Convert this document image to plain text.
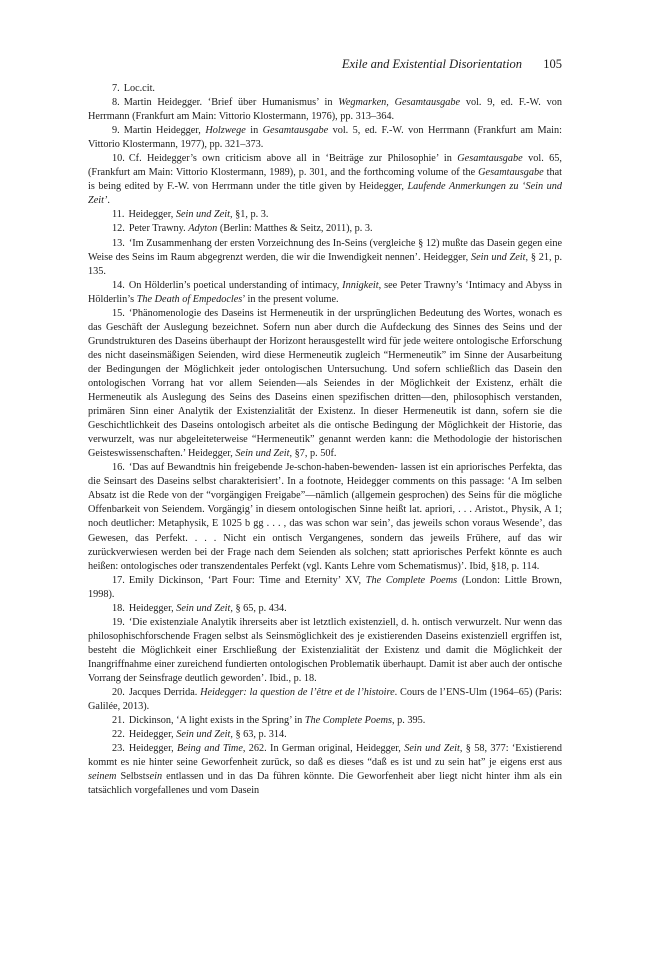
Exile and Existential Disorientation 105

7. Loc.cit.

8. Martin Heidegger. ‘Brief über Humanismus’ in Wegmarken, Gesamtausgabe vol. 9, ed. F.-W. von Herrmann (Frankfurt am Main: Vittorio Klostermann, 1976), pp. 313–364.

9. Martin Heidegger, Holzwege in Gesamtausgabe vol. 5, ed. F.-W. von Herrmann (Frankfurt am Main: Vittorio Klostermann, 1977), pp. 321–373.

10. Cf. Heidegger’s own criticism above all in ‘Beiträge zur Philosophie’ in Gesamtausgabe vol. 65, (Frankfurt am Main: Vittorio Klostermann, 1989), p. 301, and the forthcoming volume of the Gesamtausgabe that is being edited by F.-W. von Herrmann under the title given by Heidegger, Laufende Anmerkungen zu ‘Sein und Zeit’.

11. Heidegger, Sein und Zeit, §1, p. 3.

12. Peter Trawny. Adyton (Berlin: Matthes & Seitz, 2011), p. 3.

13. ‘Im Zusammenhang der ersten Vorzeichnung des In-Seins (vergleiche § 12) mußte das Dasein gegen eine Weise des Seins im Raum abgegrenzt werden, die wir die Inwendigkeit nennen’. Heidegger, Sein und Zeit, § 21, p. 135.

14. On Hölderlin’s poetical understanding of intimacy, Innigkeit, see Peter Trawny’s ‘Intimacy and Abyss in Hölderlin’s The Death of Empedocles’ in the present volume.

15. ‘Phänomenologie des Daseins ist Hermeneutik in der ursprünglichen Bedeutung des Wortes, wonach es das Geschäft der Auslegung bezeichnet. Sofern nun aber durch die Aufdeckung des Sinnes des Seins und der Grundstrukturen des Daseins überhaupt der Horizont herausgestellt wird für jede weitere ontologische Erforschung des nicht daseinsmäßigen Seienden, wird diese Hermeneutik zugleich “Hermeneutik” im Sinne der Ausarbeitung der Bedingungen der Möglichkeit jeder ontologischen Untersuchung. Und sofern schließlich das Dasein den ontologischen Vorrang hat vor allem Seienden—als Seiendes in der Möglichkeit der Existenz, erhält die Hermeneutik als Auslegung des Seins des Daseins einen spezifischen dritten—den, philosophisch verstanden, primären Sinn einer Analytik der Existenzialität der Existenz. In dieser Hermeneutik ist dann, sofern sie die Geschichtlichkeit des Daseins ontologisch arbeitet als die ontische Bedingung der Möglichkeit der Historie, das verwurzelt, was nur abgeleiteterweise “Hermeneutik” genannt werden kann: die Methodologie der historischen Geisteswissenschaften.’ Heidegger, Sein und Zeit, §7, p. 50f.

16. ‘Das auf Bewandtnis hin freigebende Je-schon-haben-bewenden- lassen ist ein apriorisches Perfekta, das die Seinsart des Daseins selbst charakterisiert’. In a footnote, Heidegger comments on this passage: ‘A Im selben Absatz ist die Rede von der “vorgängigen Freigabe”—nämlich (allgemein gesprochen) des Seins für die mögliche Offenbarkeit von Seiendem. Vorgängig’ in diesem ontologischen Sinne heißt lat. apriori, . . . Aristot., Physik, A 1; noch deutlicher: Metaphysik, E 1025 b gg . . . , das was schon war sein’, das jeweils schon voraus Wesende’, das Gewesen, das Perfekt. . . . Nicht ein ontisch Vergangenes, sondern das jeweils Frühere, auf das wir zurückverwiesen werden bei der Frage nach dem Seienden als solchen; statt apriorisches Perfekt könnte es auch heißen: ontologisches oder transzendentales Perfekt (vgl. Kants Lehre vom Schematismus)’. Ibid, §18, p. 114.

17. Emily Dickinson, ‘Part Four: Time and Eternity’ XV, The Complete Poems (London: Little Brown, 1998).

18. Heidegger, Sein und Zeit, § 65, p. 434.

19. ‘Die existenziale Analytik ihrerseits aber ist letztlich existenziell, d. h. ontisch verwurzelt. Nur wenn das philosophischforschende Fragen selbst als Seinsmöglichkeit des je existierenden Daseins existenziell ergriffen ist, besteht die Möglichkeit einer Erschließung der Existenzialität der Existenz und damit die Möglichkeit der Inangriffnahme einer zureichend fundierten ontologischen Problematik überhaupt. Damit ist aber auch der ontische Vorrang der Seinsfrage deutlich geworden’. Ibid., p. 18.

20. Jacques Derrida. Heidegger: la question de l’être et de l’histoire. Cours de l’ENS-Ulm (1964–65) (Paris: Galilée, 2013).

21. Dickinson, ‘A light exists in the Spring’ in The Complete Poems, p. 395.

22. Heidegger, Sein und Zeit, § 63, p. 314.

23. Heidegger, Being and Time, 262. In German original, Heidegger, Sein und Zeit, § 58, 377: ‘Existierend kommt es nie hinter seine Geworfenheit zurück, so daß es dieses “daß es ist und zu sein hat” je eigens erst aus seinem Selbstsein entlassen und in das Da führen könnte. Die Geworfenheit aber liegt nicht hinter ihm als ein tatsächlich vorgefallenes und vom Dasein
